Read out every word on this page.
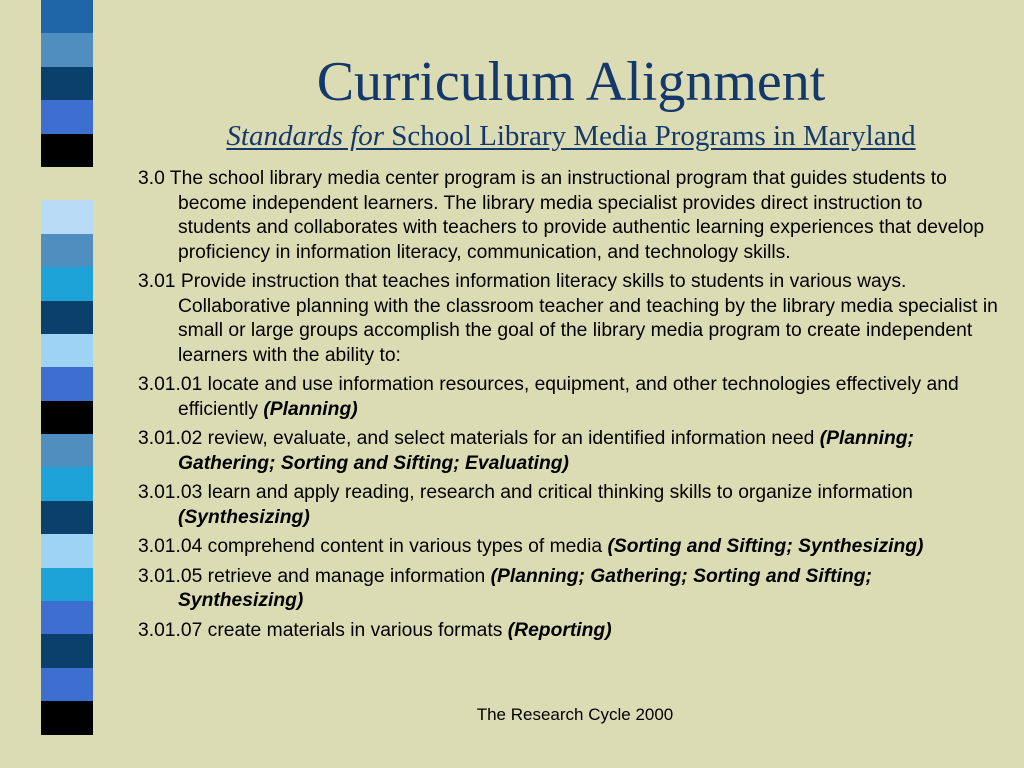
Curriculum Alignment
Standards for School Library Media Programs in Maryland

3.0 The school library media center program is an instructional program that guides students to become independent learners. The library media specialist provides direct instruction to students and collaborates with teachers to provide authentic learning experiences that develop proficiency in information literacy, communication, and technology skills.

3.01 Provide instruction that teaches information literacy skills to students in various ways. Collaborative planning with the classroom teacher and teaching by the library media specialist in small or large groups accomplish the goal of the library media program to create independent learners with the ability to:

3.01.01 locate and use information resources, equipment, and other technologies effectively and efficiently (Planning)

3.01.02 review, evaluate, and select materials for an identified information need (Planning; Gathering; Sorting and Sifting; Evaluating)

3.01.03 learn and apply reading, research and critical thinking skills to organize information (Synthesizing)

3.01.04 comprehend content in various types of media (Sorting and Sifting; Synthesizing)

3.01.05 retrieve and manage information (Planning; Gathering; Sorting and Sifting; Synthesizing)

3.01.07 create materials in various formats (Reporting)

The Research Cycle 2000
